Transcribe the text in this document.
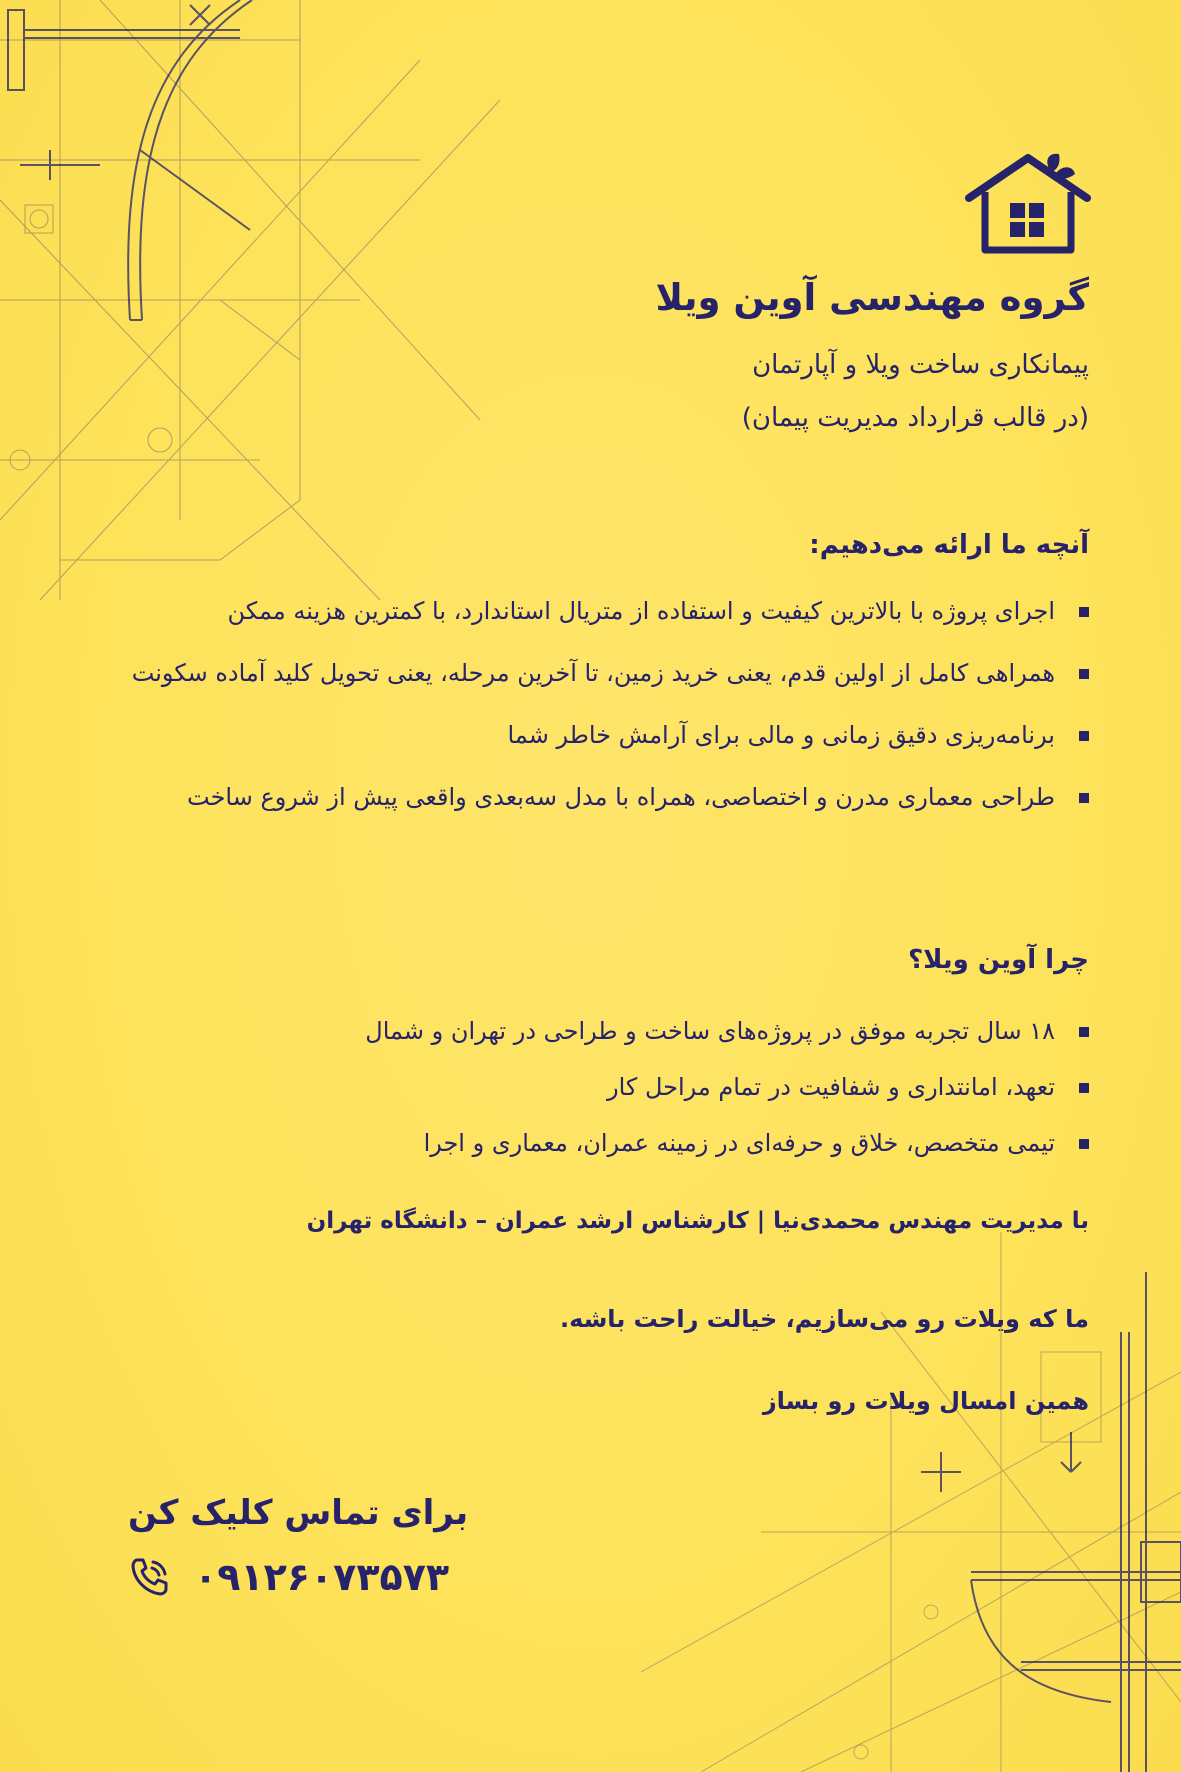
گروه مهندسی آوین ویلا
پیمانکاری ساخت ویلا و آپارتمان
(در قالب قرارداد مدیریت پیمان)
آنچه ما ارائه می‌دهیم:
اجرای پروژه با بالاترین کیفیت و استفاده از متریال استاندارد، با کمترین هزینه ممکن
همراهی کامل از اولین قدم، یعنی خرید زمین، تا آخرین مرحله، یعنی تحویل کلید آماده سکونت
برنامه‌ریزی دقیق زمانی و مالی برای آرامش خاطر شما
طراحی معماری مدرن و اختصاصی، همراه با مدل سه‌بعدی واقعی پیش از شروع ساخت
چرا آوین ویلا؟
۱۸ سال تجربه موفق در پروژه‌های ساخت و طراحی در تهران و شمال
تعهد، امانتداری و شفافیت در تمام مراحل کار
تیمی متخصص، خلاق و حرفه‌ای در زمینه عمران، معماری و اجرا
با مدیریت مهندس محمدی‌نیا | کارشناس ارشد عمران – دانشگاه تهران
ما که ویلات رو می‌سازیم، خیالت راحت باشه.
همین امسال ویلات رو بساز
برای تماس کلیک کن
۰۹۱۲۶۰۷۳۵۷۳
